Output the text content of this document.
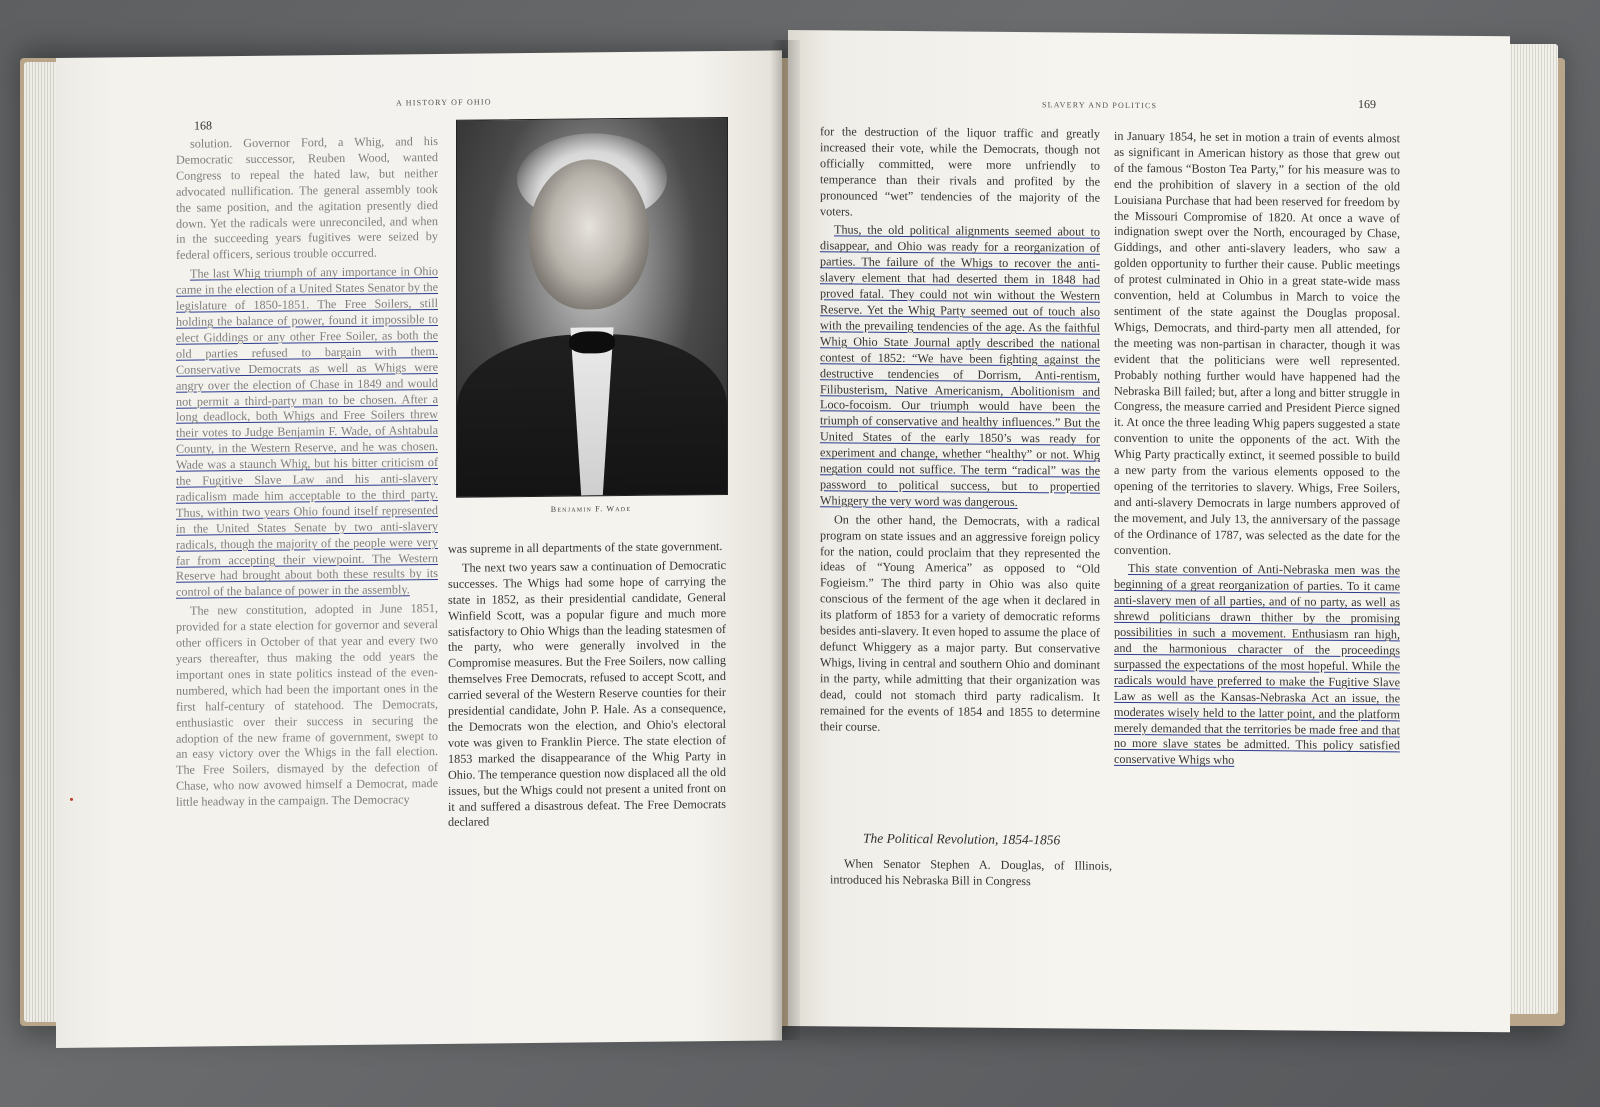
168
A HISTORY OF OHIO

solution. Governor Ford, a Whig, and his Democratic successor, Reuben Wood, wanted Congress to repeal the hated law, but neither advocated nullification. The general assembly took the same position, and the agitation presently died down. Yet the radicals were unreconciled, and when in the succeeding years fugitives were seized by federal officers, serious trouble occurred.

The last Whig triumph of any importance in Ohio came in the election of a United States Senator by the legislature of 1850-1851. The Free Soilers, still holding the balance of power, found it impossible to elect Giddings or any other Free Soiler, as both the old parties refused to bargain with them. Conservative Democrats as well as Whigs were angry over the election of Chase in 1849 and would not permit a third-party man to be chosen. After a long deadlock, both Whigs and Free Soilers threw their votes to Judge Benjamin F. Wade, of Ashtabula County, in the Western Reserve, and he was chosen. Wade was a staunch Whig, but his bitter criticism of the Fugitive Slave Law and his anti-slavery radicalism made him acceptable to the third party. Thus, within two years Ohio found itself represented in the United States Senate by two anti-slavery radicals, though the majority of the people were very far from accepting their viewpoint. The Western Reserve had brought about both these results by its control of the balance of power in the assembly.

The new constitution, adopted in June 1851, provided for a state election for governor and several other officers in October of that year and every two years thereafter, thus making the odd years the important ones in state politics instead of the even-numbered, which had been the important ones in the first half-century of statehood. The Democrats, enthusiastic over their success in securing the adoption of the new frame of government, swept to an easy victory over the Whigs in the fall election. The Free Soilers, dismayed by the defection of Chase, who now avowed himself a Democrat, made little headway in the campaign. The Democracy

Benjamin F. Wade

was supreme in all departments of the state government.

The next two years saw a continuation of Democratic successes. The Whigs had some hope of carrying the state in 1852, as their presidential candidate, General Winfield Scott, was a popular figure and much more satisfactory to Ohio Whigs than the leading statesmen of the party, who were generally involved in the Compromise measures. But the Free Soilers, now calling themselves Free Democrats, refused to accept Scott, and carried several of the Western Reserve counties for their presidential candidate, John P. Hale. As a consequence, the Democrats won the election, and Ohio's electoral vote was given to Franklin Pierce. The state election of 1853 marked the disappearance of the Whig Party in Ohio. The temperance question now displaced all the old issues, but the Whigs could not present a united front on it and suffered a disastrous defeat. The Free Democrats declared

SLAVERY AND POLITICS	169

for the destruction of the liquor traffic and greatly increased their vote, while the Democrats, though not officially committed, were more unfriendly to temperance than their rivals and profited by the pronounced “wet” tendencies of the majority of the voters.

Thus, the old political alignments seemed about to disappear, and Ohio was ready for a reorganization of parties. The failure of the Whigs to recover the anti-slavery element that had deserted them in 1848 had proved fatal. They could not win without the Western Reserve. Yet the Whig Party seemed out of touch also with the prevailing tendencies of the age. As the faithful Whig Ohio State Journal aptly described the national contest of 1852: “We have been fighting against the destructive tendencies of Dorrism, Anti-rentism, Filibusterism, Native Americanism, Abolitionism and Loco-focoism. Our triumph would have been the triumph of conservative and healthy influences.” But the United States of the early 1850’s was ready for experiment and change, whether “healthy” or not. Whig negation could not suffice. The term “radical” was the password to political success, but to propertied Whiggery the very word was dangerous.

On the other hand, the Democrats, with a radical program on state issues and an aggressive foreign policy for the nation, could proclaim that they represented the ideas of “Young America” as opposed to “Old Fogieism.” The third party in Ohio was also quite conscious of the ferment of the age when it declared in its platform of 1853 for a variety of democratic reforms besides anti-slavery. It even hoped to assume the place of defunct Whiggery as a major party. But conservative Whigs, living in central and southern Ohio and dominant in the party, while admitting that their organization was dead, could not stomach third party radicalism. It remained for the events of 1854 and 1855 to determine their course.

The Political Revolution, 1854-1856

When Senator Stephen A. Douglas, of Illinois, introduced his Nebraska Bill in Congress

in January 1854, he set in motion a train of events almost as significant in American history as those that grew out of the famous “Boston Tea Party,” for his measure was to end the prohibition of slavery in a section of the old Louisiana Purchase that had been reserved for freedom by the Missouri Compromise of 1820. At once a wave of indignation swept over the North, encouraged by Chase, Giddings, and other anti-slavery leaders, who saw a golden opportunity to further their cause. Public meetings of protest culminated in Ohio in a great state-wide mass convention, held at Columbus in March to voice the sentiment of the state against the Douglas proposal. Whigs, Democrats, and third-party men all attended, for the meeting was non-partisan in character, though it was evident that the politicians were well represented. Probably nothing further would have happened had the Nebraska Bill failed; but, after a long and bitter struggle in Congress, the measure carried and President Pierce signed it. At once the three leading Whig papers suggested a state convention to unite the opponents of the act. With the Whig Party practically extinct, it seemed possible to build a new party from the various elements opposed to the opening of the territories to slavery. Whigs, Free Soilers, and anti-slavery Democrats in large numbers approved of the movement, and July 13, the anniversary of the passage of the Ordinance of 1787, was selected as the date for the convention.

This state convention of Anti-Nebraska men was the beginning of a great reorganization of parties. To it came anti-slavery men of all parties, and of no party, as well as shrewd politicians drawn thither by the promising possibilities in such a movement. Enthusiasm ran high, and the harmonious character of the proceedings surpassed the expectations of the most hopeful. While the radicals would have preferred to make the Fugitive Slave Law as well as the Kansas-Nebraska Act an issue, the moderates wisely held to the latter point, and the platform merely demanded that the territories be made free and that no more slave states be admitted. This policy satisfied conservative Whigs who
